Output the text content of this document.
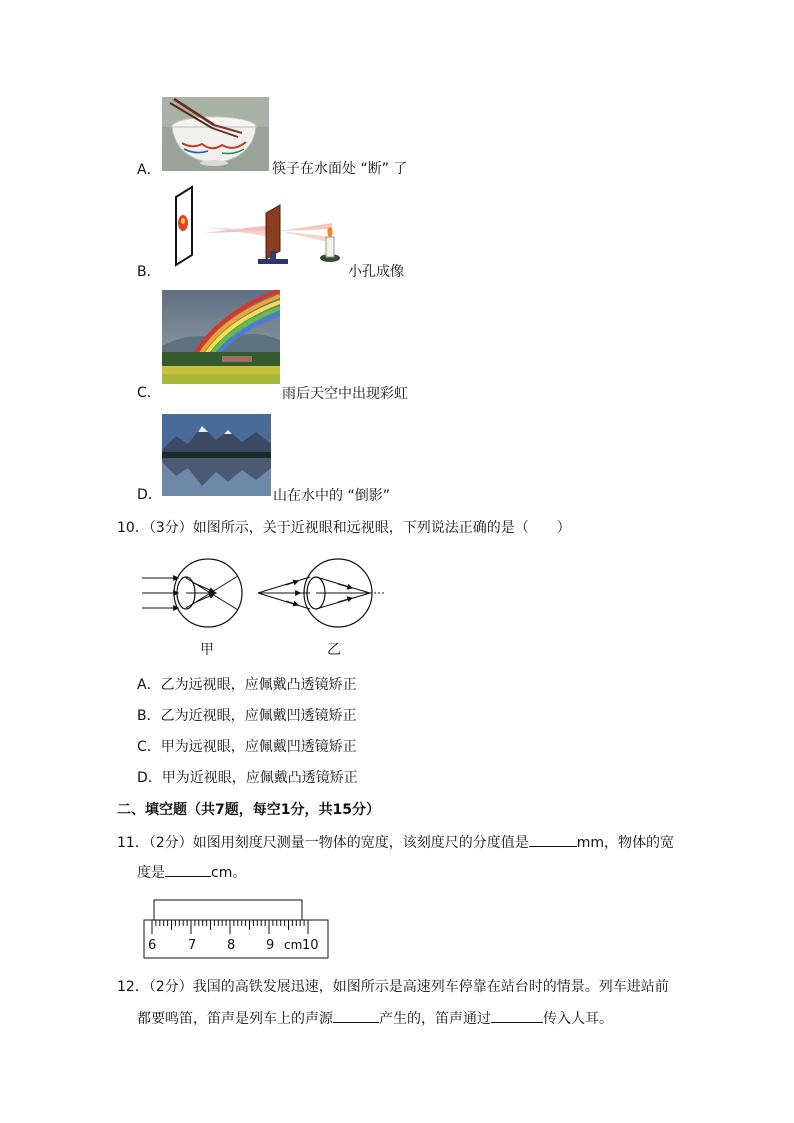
A．	筷子在水面处 “断” 了
B．	小孔成像
C．	雨后天空中出现彩虹
D．	山在水中的 “倒影”
10．（3分）如图所示，关于近视眼和远视眼，下列说法正确的是（　　）
甲	乙
A．乙为远视眼，应佩戴凸透镜矫正
B．乙为近视眼，应佩戴凹透镜矫正
C．甲为远视眼，应佩戴凹透镜矫正
D．甲为近视眼，应佩戴凸透镜矫正
二、填空题（共7题，每空1分，共15分）
11．（2分）如图用刻度尺测量一物体的宽度，该刻度尺的分度值是	mm，物体的宽
度是	cm。
6 7 8 9 cm 10
12．（2分）我国的高铁发展迅速，如图所示是高速列车停靠在站台时的情景。列车进站前
都要鸣笛，笛声是列车上的声源	产生的，笛声通过	传入人耳。
